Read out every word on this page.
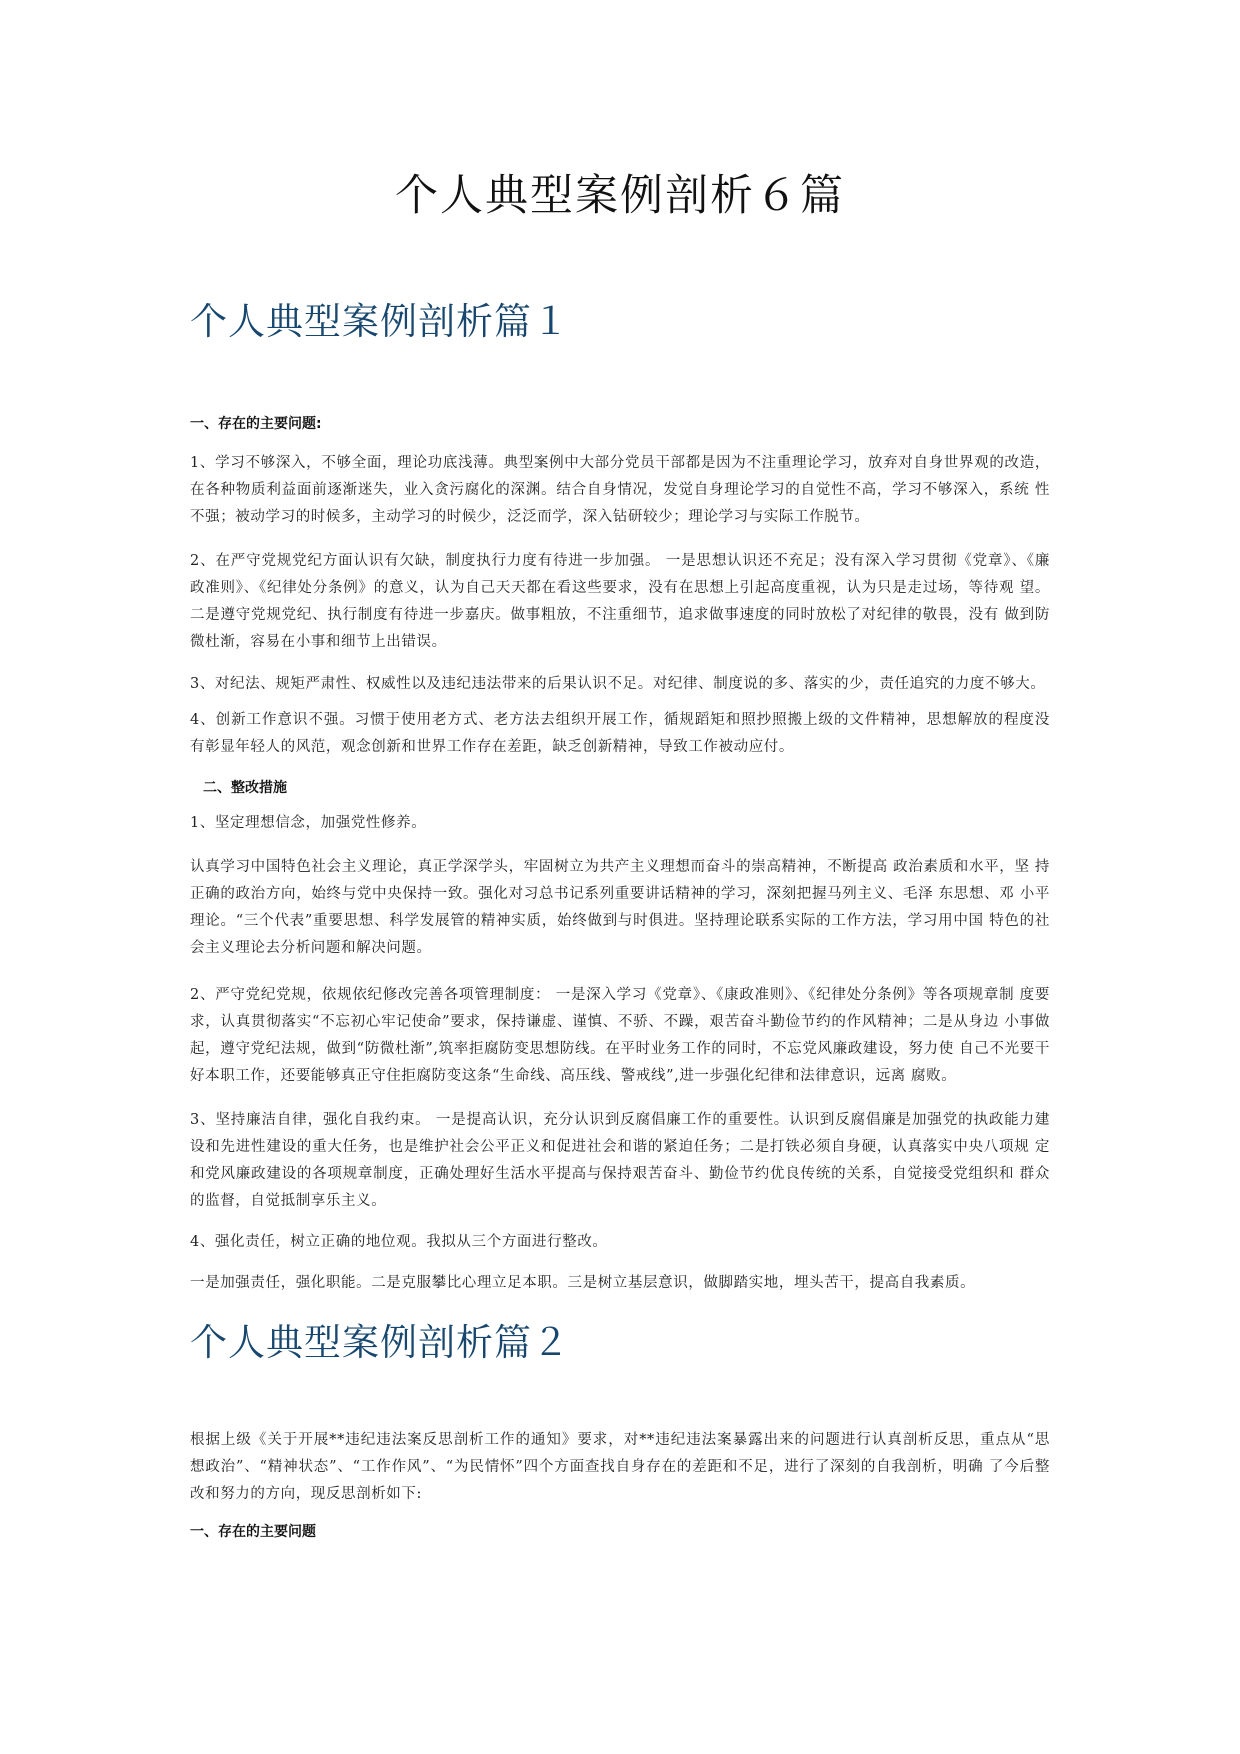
个人典型案例剖析６篇
个人典型案例剖析篇１

一、存在的主要问题:

1、学习不够深入，不够全面，理论功底浅薄。典型案例中大部分党员干部都是因为不注重理论学习，放弃对自身世界观的改造， 在各种物质利益面前逐渐迷失，业入贪污腐化的深渊。结合自身情况，发觉自身理论学习的自觉性不高，学习不够深入，系统 性不强；被动学习的时候多，主动学习的时候少，泛泛而学，深入钻研较少；理论学习与实际工作脱节。

2、在严守党规党纪方面认识有欠缺，制度执行力度有待进一步加强。 一是思想认识还不充足；没有深入学习贯彻《党章》、《廉 政准则》、《纪律处分条例》的意义，认为自己天天都在看这些要求，没有在思想上引起高度重视，认为只是走过场，等待观 望。二是遵守党规党纪、执行制度有待进一步嘉庆。做事粗放，不注重细节，追求做事速度的同时放松了对纪律的敬畏，没有 做到防微杜渐，容易在小事和细节上出错误。

3、对纪法、规矩严肃性、权威性以及违纪违法带来的后果认识不足。对纪律、制度说的多、落实的少，责任追究的力度不够大。

4、创新工作意识不强。习惯于使用老方式、老方法去组织开展工作，循规蹈矩和照抄照搬上级的文件精神，思想解放的程度没 有彰显年轻人的风范，观念创新和世界工作存在差距，缺乏创新精神，导致工作被动应付。

二、整改措施

1、坚定理想信念，加强党性修养。

认真学习中国特色社会主义理论，真正学深学头，牢固树立为共产主义理想而奋斗的崇高精神，不断提高 政治素质和水平，坚 持正确的政治方向，始终与党中央保持一致。强化对习总书记系列重要讲话精神的学习，深刻把握马列主义、毛泽 东思想、邓 小平理论。“三个代表”重要思想、科学发展管的精神实质，始终做到与时俱进。坚持理论联系实际的工作方法，学习用中国 特色的社会主义理论去分析问题和解决问题。

2、严守党纪党规，依规依纪修改完善各项管理制度： 一是深入学习《党章》、《康政准则》、《纪律处分条例》等各项规章制 度要求，认真贯彻落实“不忘初心牢记使命”要求，保持谦虚、谨慎、不骄、不躁，艰苦奋斗勤俭节约的作风精神；二是从身边 小事做起，遵守党纪法规，做到“防微杜渐”,筑率拒腐防变思想防线。在平时业务工作的同时，不忘党风廉政建设，努力使 自己不光要干好本职工作，还要能够真正守住拒腐防变这条“生命线、高压线、警戒线”,进一步强化纪律和法律意识，远离 腐败。

3、坚持廉洁自律，强化自我约束。 一是提高认识，充分认识到反腐倡廉工作的重要性。认识到反腐倡廉是加强党的执政能力建 设和先进性建设的重大任务，也是维护社会公平正义和促进社会和谐的紧迫任务；二是打铁必须自身硬，认真落实中央八项规 定和党风廉政建设的各项规章制度，正确处理好生活水平提高与保持艰苦奋斗、勤俭节约优良传统的关系，自觉接受党组织和 群众的监督，自觉抵制享乐主义。

4、强化责任，树立正确的地位观。我拟从三个方面进行整改。

一是加强责任，强化职能。二是克服攀比心理立足本职。三是树立基层意识，做脚踏实地，埋头苦干，提高自我素质。

个人典型案例剖析篇２

根据上级《关于开展**违纪违法案反思剖析工作的通知》要求，对**违纪违法案暴露出来的问题进行认真剖析反思，重点从“思 想政治”、“精神状态”、“工作作风”、“为民情怀”四个方面查找自身存在的差距和不足，进行了深刻的自我剖析，明确 了今后整改和努力的方向，现反思剖析如下:

一、存在的主要问题
